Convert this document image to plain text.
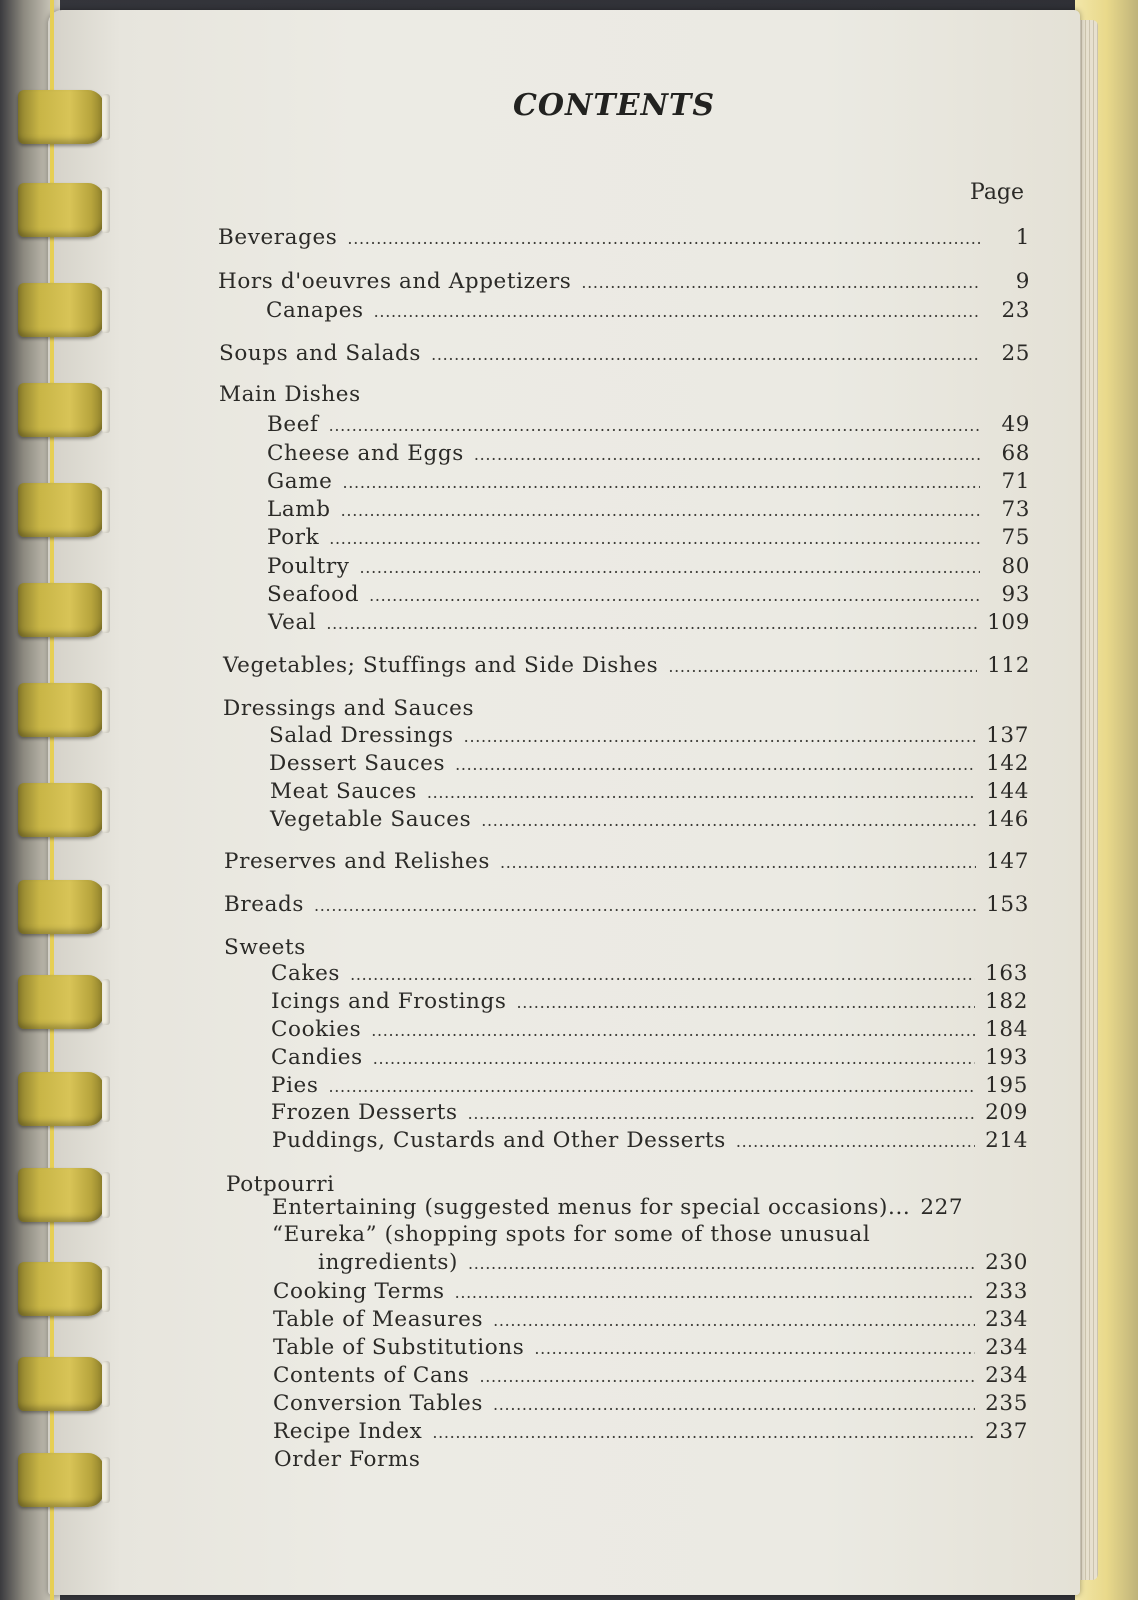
CONTENTS
Page
Beverages . . .	1
Hors d'oeuvres and Appetizers . . .	9
Canapes . . .	23
Soups and Salads . . .	25
Main Dishes
Beef . . .	49
Cheese and Eggs . . .	68
Game . . .	71
Lamb . . .	73
Pork . . .	75
Poultry . . .	80
Seafood . . .	93
Veal . . .	109
Vegetables; Stuffings and Side Dishes . . .	112
Dressings and Sauces
Salad Dressings . . .	137
Dessert Sauces . . .	142
Meat Sauces . . .	144
Vegetable Sauces . . .	146
Preserves and Relishes . . .	147
Breads . . .	153
Sweets
Cakes . . .	163
Icings and Frostings . . .	182
Cookies . . .	184
Candies . . .	193
Pies . . .	195
Frozen Desserts . . .	209
Puddings, Custards and Other Desserts . . .	214
Potpourri
Entertaining (suggested menus for special occasions)... 227
“Eureka” (shopping spots for some of those unusual
ingredients) . . .	230
Cooking Terms . . .	233
Table of Measures . . .	234
Table of Substitutions . . .	234
Contents of Cans . . .	234
Conversion Tables . . .	235
Recipe Index . . .	237
Order Forms
